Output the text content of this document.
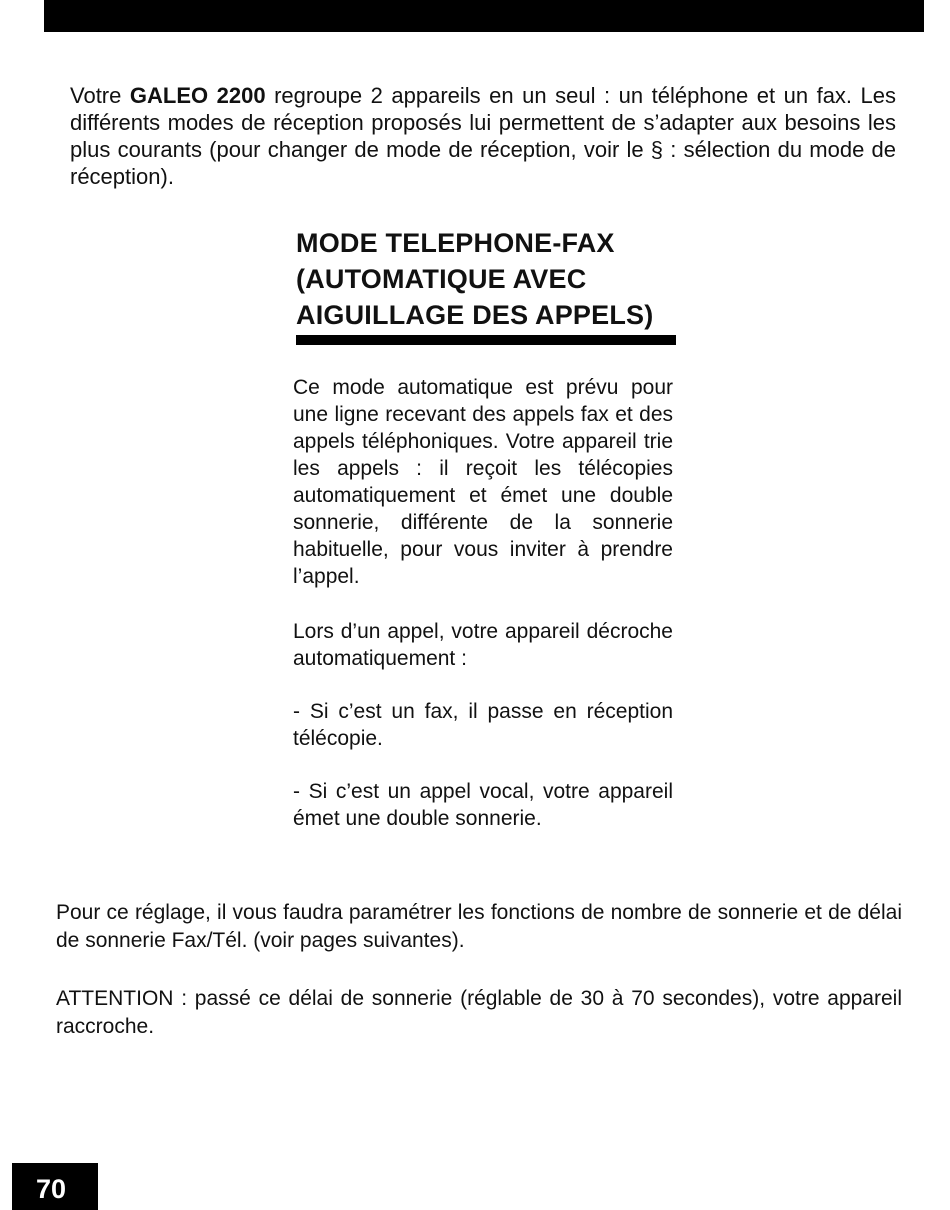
Votre GALEO 2200 regroupe 2 appareils en un seul : un téléphone et un fax. Les différents modes de réception proposés lui permettent de s’adapter aux besoins les plus courants (pour changer de mode de réception, voir le § : sélection du mode de réception).

MODE TELEPHONE-FAX
(AUTOMATIQUE AVEC
AIGUILLAGE DES APPELS)

Ce mode automatique est prévu pour une ligne recevant des appels fax et des appels téléphoniques. Votre appareil trie les appels : il reçoit les télécopies automatiquement et émet une double sonnerie, différente de la sonnerie habituelle, pour vous inviter à prendre l’appel.

Lors d’un appel, votre appareil décroche automatiquement :

- Si c’est un fax, il passe en réception télécopie.

- Si c’est un appel vocal, votre appareil émet une double sonnerie.

Pour ce réglage, il vous faudra paramétrer les fonctions de nombre de sonnerie et de délai de sonnerie Fax/Tél. (voir pages suivantes).

ATTENTION : passé ce délai de sonnerie (réglable de 30 à 70 secondes), votre appareil raccroche.

70
